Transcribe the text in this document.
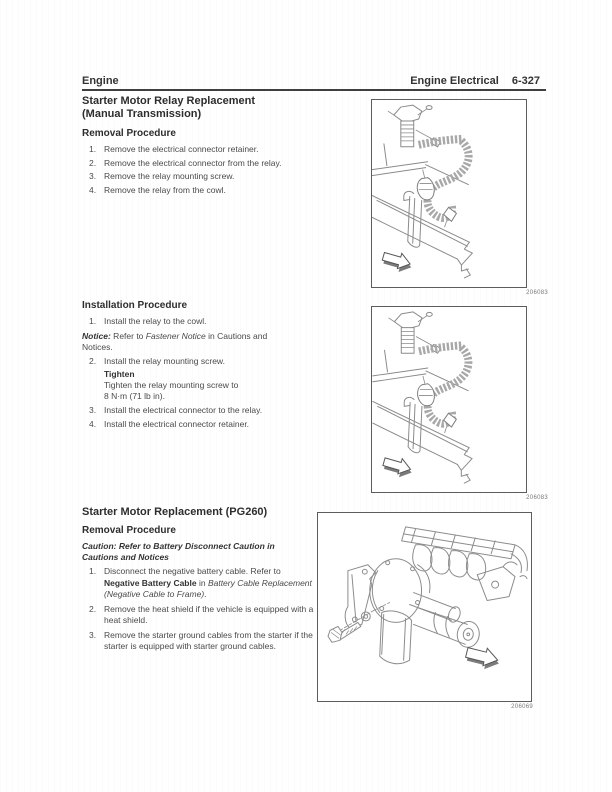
Engine	Engine Electrical 6-327
Starter Motor Relay Replacement
(Manual Transmission)
Removal Procedure
1. Remove the electrical connector retainer.
2. Remove the electrical connector from the relay.
3. Remove the relay mounting screw.
4. Remove the relay from the cowl.
Installation Procedure
1. Install the relay to the cowl.
Notice: Refer to Fastener Notice in Cautions and Notices.
2. Install the relay mounting screw.
Tighten
Tighten the relay mounting screw to
8 N·m (71 lb in).
3. Install the electrical connector to the relay.
4. Install the electrical connector retainer.
Starter Motor Replacement (PG260)
Removal Procedure
Caution: Refer to Battery Disconnect Caution in Cautions and Notices
1. Disconnect the negative battery cable. Refer to Negative Battery Cable in Battery Cable Replacement (Negative Cable to Frame).
2. Remove the heat shield if the vehicle is equipped with a heat shield.
3. Remove the starter ground cables from the starter if the starter is equipped with starter ground cables.
206083
206083
206069
